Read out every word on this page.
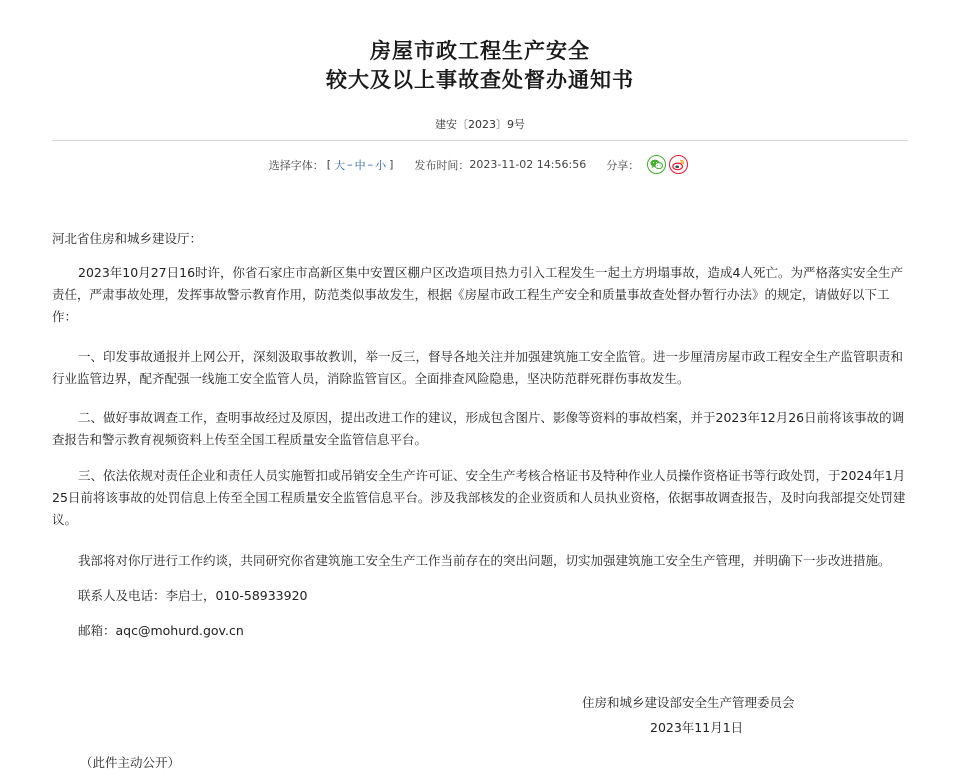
房屋市政工程生产安全
较大及以上事故查处督办通知书
建安〔2023〕9号
选择字体： [ 大 – 中 – 小 ] 发布时间： 2023-11-02 14:56:56 分享：
河北省住房和城乡建设厅：
2023年10月27日16时许，你省石家庄市高新区集中安置区棚户区改造项目热力引入工程发生一起土方坍塌事故，造成4人死亡。为严格落实安全生产责任，严肃事故处理，发挥事故警示教育作用，防范类似事故发生，根据《房屋市政工程生产安全和质量事故查处督办暂行办法》的规定，请做好以下工作：
一、印发事故通报并上网公开，深刻汲取事故教训，举一反三，督导各地关注并加强建筑施工安全监管。进一步厘清房屋市政工程安全生产监管职责和行业监管边界，配齐配强一线施工安全监管人员，消除监管盲区。全面排查风险隐患，坚决防范群死群伤事故发生。
二、做好事故调查工作，查明事故经过及原因，提出改进工作的建议，形成包含图片、影像等资料的事故档案，并于2023年12月26日前将该事故的调查报告和警示教育视频资料上传至全国工程质量安全监管信息平台。
三、依法依规对责任企业和责任人员实施暂扣或吊销安全生产许可证、安全生产考核合格证书及特种作业人员操作资格证书等行政处罚，于2024年1月25日前将该事故的处罚信息上传至全国工程质量安全监管信息平台。涉及我部核发的企业资质和人员执业资格，依据事故调查报告，及时向我部提交处罚建议。
我部将对你厅进行工作约谈，共同研究你省建筑施工安全生产工作当前存在的突出问题，切实加强建筑施工安全生产管理，并明确下一步改进措施。
联系人及电话：李启士，010-58933920
邮箱：aqc@mohurd.gov.cn
住房和城乡建设部安全生产管理委员会
2023年11月1日
（此件主动公开）
